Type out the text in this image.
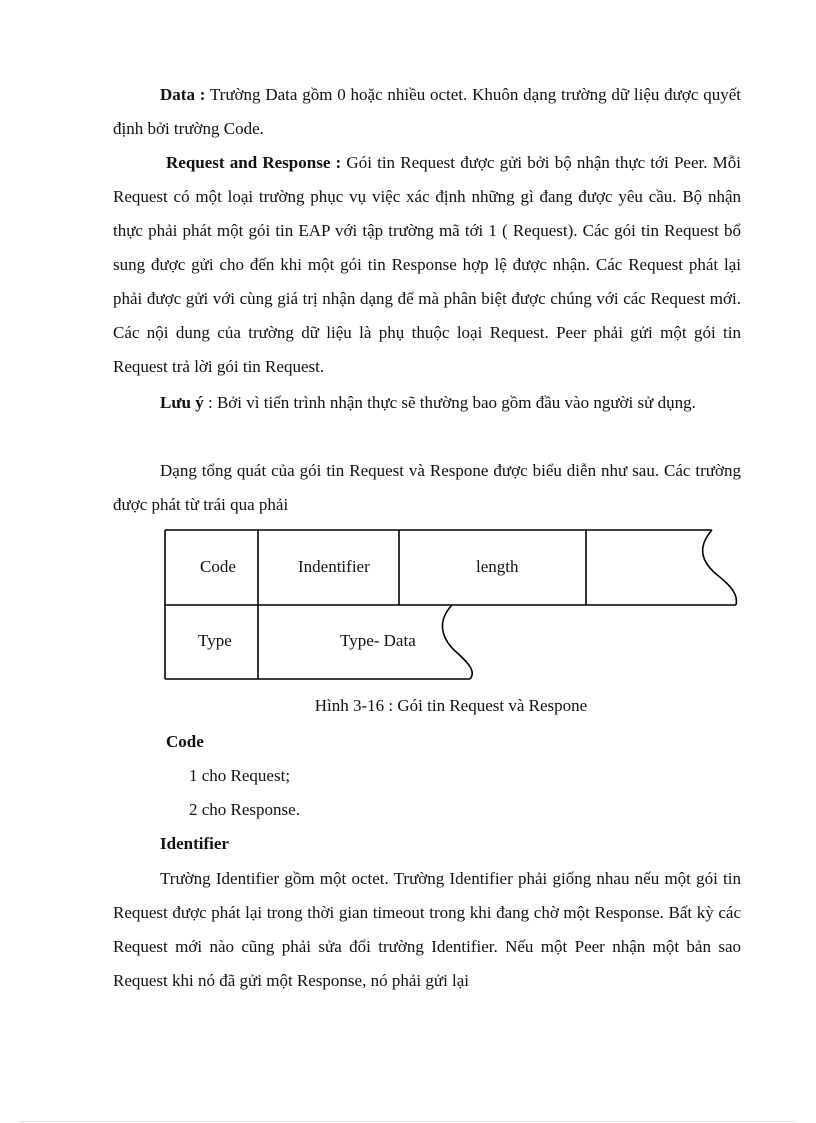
Data : Trường Data gồm 0 hoặc nhiều octet. Khuôn dạng trường dữ liệu được quyết định bởi trường Code.

Request and Response : Gói tin Request được gửi bởi bộ nhận thực tới Peer. Mỗi Request có một loại trường phục vụ việc xác định những gì đang được yêu cầu. Bộ nhận thực phải phát một gói tin EAP với tập trường mã tới 1 ( Request). Các gói tin Request bổ sung được gửi cho đến khi một gói tin Response hợp lệ được nhận. Các Request phát lại phải được gửi với cùng giá trị nhận dạng để mà phân biệt được chúng với các Request mới. Các nội dung của trường dữ liệu là phụ thuộc loại Request. Peer phải gửi một gói tin Request trả lời gói tin Request.

Lưu ý : Bởi vì tiến trình nhận thực sẽ thường bao gồm đầu vào người sử dụng.

Dạng tổng quát của gói tin Request và Respone được biểu diễn như sau. Các trường được phát từ trái qua phải

Code	Indentifier	length
Type	Type- Data
Hình 3-16 : Gói tin Request và Respone

Code

1 cho Request;

2 cho Response.

Identifier

Trường Identifier gồm một octet. Trường Identifier phải giống nhau nếu một gói tin Request được phát lại trong thời gian timeout trong khi đang chờ một Response. Bất kỳ các Request mới nào cũng phải sửa đổi trường Identifier. Nếu một Peer nhận một bản sao Request khi nó đã gửi một Response, nó phải gửi lại
